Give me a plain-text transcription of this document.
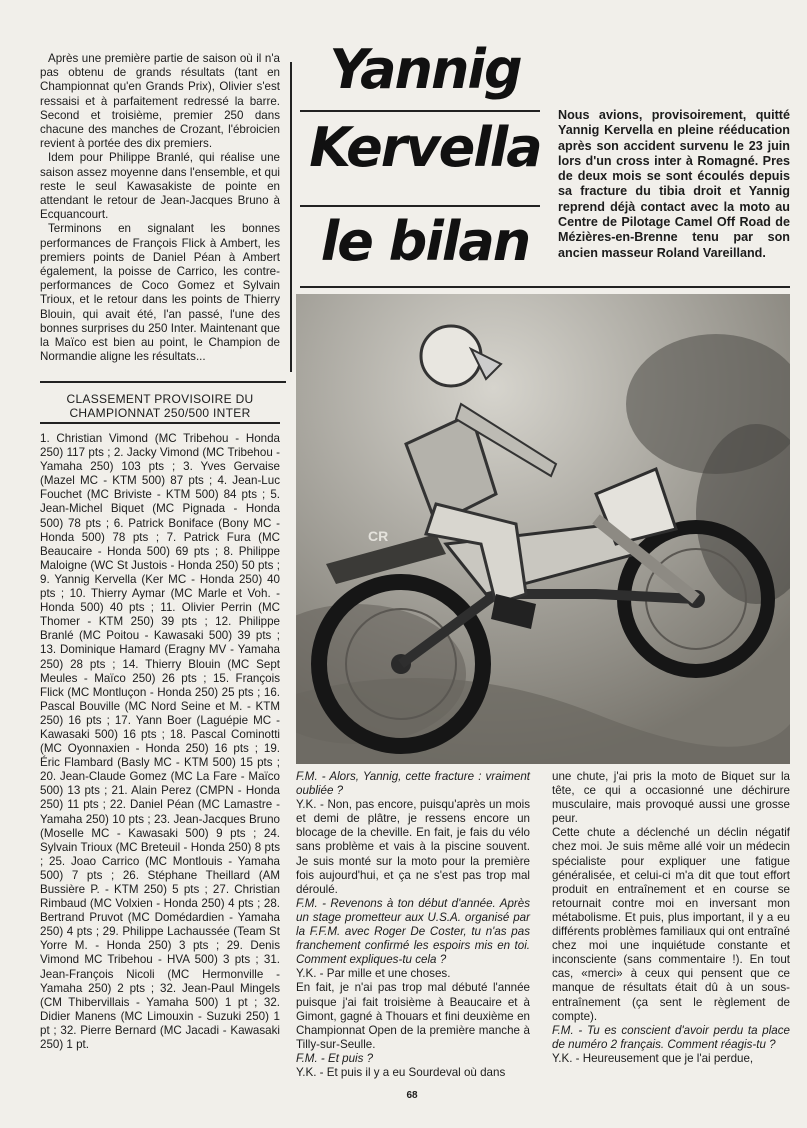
Après une première partie de saison où il n'a pas obtenu de grands résultats (tant en Championnat qu'en Grands Prix), Olivier s'est ressaisi et à parfaitement redressé la barre. Second et troisième, premier 250 dans chacune des manches de Crozant, l'ébroicien revient à portée des dix premiers.

Idem pour Philippe Branlé, qui réalise une saison assez moyenne dans l'ensemble, et qui reste le seul Kawasakiste de pointe en attendant le retour de Jean-Jacques Bruno à Ecquancourt.

Terminons en signalant les bonnes performances de François Flick à Ambert, les premiers points de Daniel Péan à Ambert également, la poisse de Carrico, les contre-performances de Coco Gomez et Sylvain Trioux, et le retour dans les points de Thierry Blouin, qui avait été, l'an passé, l'une des bonnes surprises du 250 Inter. Maintenant que la Maïco est bien au point, le Champion de Normandie aligne les résultats...

CLASSEMENT PROVISOIRE DU CHAMPIONNAT 250/500 INTER
1. Christian Vimond (MC Tribehou - Honda 250) 117 pts ; 2. Jacky Vimond (MC Tribehou - Yamaha 250) 103 pts ; 3. Yves Gervaise (Mazel MC - KTM 500) 87 pts ; 4. Jean-Luc Fouchet (MC Briviste - KTM 500) 84 pts ; 5. Jean-Michel Biquet (MC Pignada - Honda 500) 78 pts ; 6. Patrick Boniface (Bony MC - Honda 500) 78 pts ; 7. Patrick Fura (MC Beaucaire - Honda 500) 69 pts ; 8. Philippe Maloigne (WC St Justois - Honda 250) 50 pts ; 9. Yannig Kervella (Ker MC - Honda 250) 40 pts ; 10. Thierry Aymar (MC Marle et Voh. - Honda 500) 40 pts ; 11. Olivier Perrin (MC Thomer - KTM 250) 39 pts ; 12. Philippe Branlé (MC Poitou - Kawasaki 500) 39 pts ; 13. Dominique Hamard (Eragny MV - Yamaha 250) 28 pts ; 14. Thierry Blouin (MC Sept Meules - Maïco 250) 26 pts ; 15. François Flick (MC Montluçon - Honda 250) 25 pts ; 16. Pascal Bouville (MC Nord Seine et M. - KTM 250) 16 pts ; 17. Yann Boer (Laguépie MC - Kawasaki 500) 16 pts ; 18. Pascal Cominotti (MC Oyonnaxien - Honda 250) 16 pts ; 19. Éric Flambard (Basly MC - KTM 500) 15 pts ; 20. Jean-Claude Gomez (MC La Fare - Maïco 500) 13 pts ; 21. Alain Perez (CMPN - Honda 250) 11 pts ; 22. Daniel Péan (MC Lamastre - Yamaha 250) 10 pts ; 23. Jean-Jacques Bruno (Moselle MC - Kawasaki 500) 9 pts ; 24. Sylvain Trioux (MC Breteuil - Honda 250) 8 pts ; 25. Joao Carrico (MC Montlouis - Yamaha 500) 7 pts ; 26. Stéphane Theillard (AM Bussière P. - KTM 250) 5 pts ; 27. Christian Rimbaud (MC Volxien - Honda 250) 4 pts ; 28. Bertrand Pruvot (MC Domédardien - Yamaha 250) 4 pts ; 29. Philippe Lachaussée (Team St Yorre M. - Honda 250) 3 pts ; 29. Denis Vimond MC Tribehou - HVA 500) 3 pts ; 31. Jean-François Nicoli (MC Hermonville - Yamaha 250) 2 pts ; 32. Jean-Paul Mingels (CM Thibervillais - Yamaha 500) 1 pt ; 32. Didier Manens (MC Limouxin - Suzuki 250) 1 pt ; 32. Pierre Bernard (MC Jacadi - Kawasaki 250) 1 pt.
Yannig
Kervella
le bilan
Nous avions, provisoirement, quitté Yannig Kervella en pleine rééducation après son accident survenu le 23 juin lors d'un cross inter à Romagné. Pres de deux mois se sont écoulés depuis sa fracture du tibia droit et Yannig reprend déjà contact avec la moto au Centre de Pilotage Camel Off Road de Mézières-en-Brenne tenu par son ancien masseur Roland Vareilland.
CR

F.M. - Alors, Yannig, cette fracture : vraiment oubliée ?

Y.K. - Non, pas encore, puisqu'après un mois et demi de plâtre, je ressens encore un blocage de la cheville. En fait, je fais du vélo sans problème et vais à la piscine souvent. Je suis monté sur la moto pour la première fois aujourd'hui, et ça ne s'est pas trop mal déroulé.

F.M. - Revenons à ton début d'année. Après un stage prometteur aux U.S.A. organisé par la F.F.M. avec Roger De Coster, tu n'as pas franchement confirmé les espoirs mis en toi. Comment expliques-tu cela ?

Y.K. - Par mille et une choses.

En fait, je n'ai pas trop mal débuté l'année puisque j'ai fait troisième à Beaucaire et à Gimont, gagné à Thouars et fini deuxième en Championnat Open de la première manche à Tilly-sur-Seulle.

F.M. - Et puis ?

Y.K. - Et puis il y a eu Sourdeval où dans

une chute, j'ai pris la moto de Biquet sur la tête, ce qui a occasionné une déchirure musculaire, mais provoqué aussi une grosse peur.

Cette chute a déclenché un déclin négatif chez moi. Je suis même allé voir un médecin spécialiste pour expliquer une fatigue généralisée, et celui-ci m'a dit que tout effort produit en entraînement et en course se retournait contre moi en inversant mon métabolisme. Et puis, plus important, il y a eu différents problèmes familiaux qui ont entraîné chez moi une inquiétude constante et inconsciente (sans commentaire !). En tout cas, «merci» à ceux qui pensent que ce manque de résultats était dû à un sous-entraînement (ça sent le règlement de compte).

F.M. - Tu es conscient d'avoir perdu ta place de numéro 2 français. Comment réagis-tu ?

Y.K. - Heureusement que je l'ai perdue,

68
